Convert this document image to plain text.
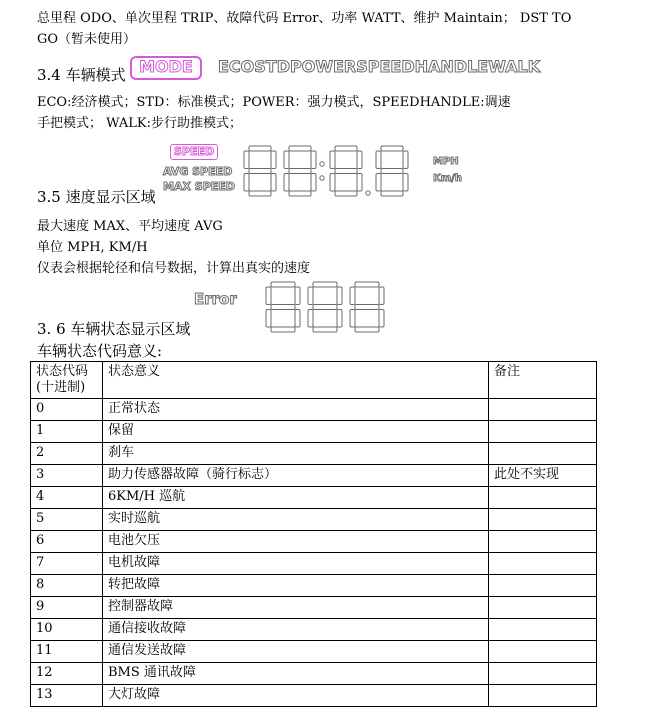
总里程 ODO、单次里程 TRIP、故障代码 Error、功率 WATT、维护 Maintain； DST TO
GO（暂未使用）
3.4 车辆模式 MODE	ECOSTDPOWERSPEEDHANDLEWALK
ECO:经济模式；STD：标准模式；POWER：强力模式，SPEEDHANDLE:调速
手把模式； WALK:步行助推模式；
SPEED
AVG SPEED
MAX SPEED
MPH
Km/h
3.5 速度显示区域
最大速度 MAX、平均速度 AVG
单位 MPH, KM/H
仪表会根据轮径和信号数据，计算出真实的速度
Error
3. 6 车辆状态显示区域
车辆状态代码意义:
状态代码
(十进制)	状态意义	备注
0	正常状态	
1	保留	
2	刹车	
3	助力传感器故障（骑行标志）	此处不实现
4	6KM/H 巡航	
5	实时巡航	
6	电池欠压	
7	电机故障	
8	转把故障	
9	控制器故障	
10	通信接收故障	
11	通信发送故障	
12	BMS 通讯故障	
13	大灯故障	
